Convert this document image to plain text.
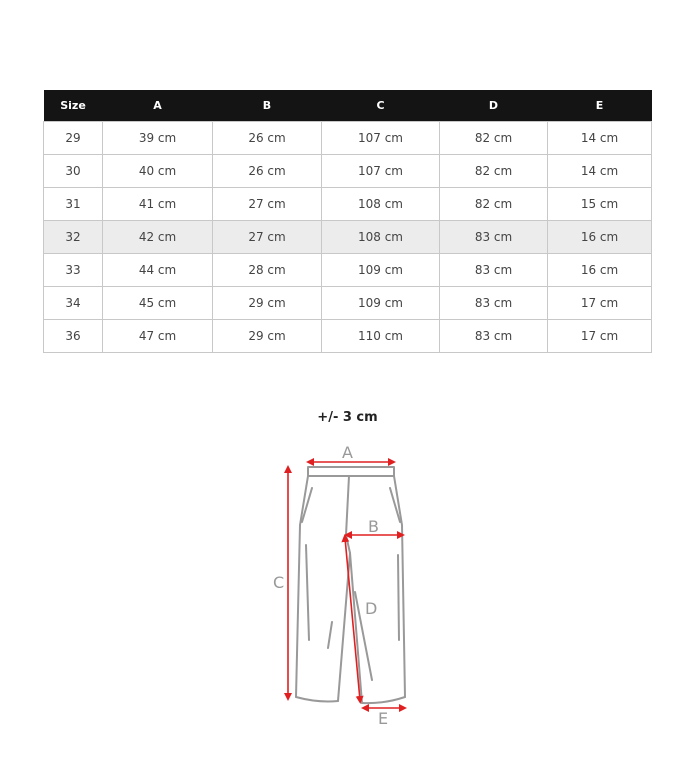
Size	A	B	C	D	E
29	39 cm	26 cm	107 cm	82 cm	14 cm
30	40 cm	26 cm	107 cm	82 cm	14 cm
31	41 cm	27 cm	108 cm	82 cm	15 cm
32	42 cm	27 cm	108 cm	83 cm	16 cm
33	44 cm	28 cm	109 cm	83 cm	16 cm
34	45 cm	29 cm	109 cm	83 cm	17 cm
36	47 cm	29 cm	110 cm	83 cm	17 cm
+/- 3 cm
A
B
C
D
E
